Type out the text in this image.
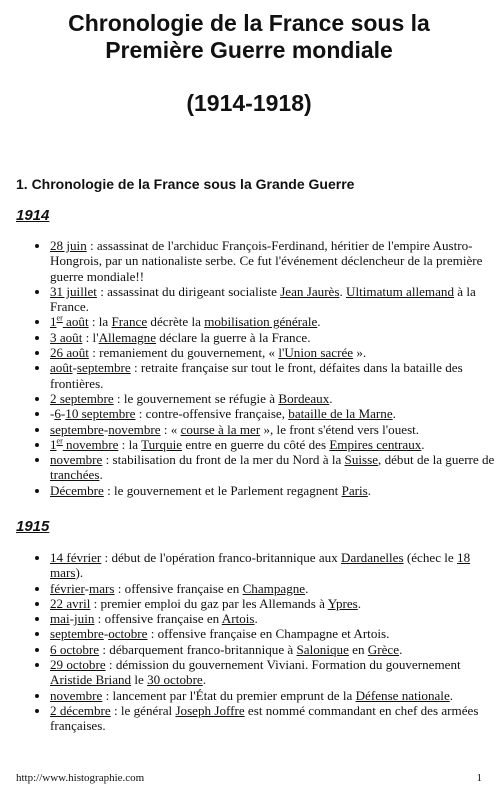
Chronologie de la France sous la
Première Guerre mondiale
(1914-1918)
1. Chronologie de la France sous la Grande Guerre
1914
• 28 juin : assassinat de l'archiduc François-Ferdinand, héritier de l'empire Austro-Hongrois, par un nationaliste serbe. Ce fut l'événement déclencheur de la première guerre mondiale!!
• 31 juillet : assassinat du dirigeant socialiste Jean Jaurès. Ultimatum allemand à la France.
• 1er août : la France décrète la mobilisation générale.
• 3 août : l'Allemagne déclare la guerre à la France.
• 26 août : remaniement du gouvernement, « l'Union sacrée ».
• août-septembre : retraite française sur tout le front, défaites dans la bataille des frontières.
• 2 septembre : le gouvernement se réfugie à Bordeaux.
• -6-10 septembre : contre-offensive française, bataille de la Marne.
• septembre-novembre : « course à la mer », le front s'étend vers l'ouest.
• 1er novembre : la Turquie entre en guerre du côté des Empires centraux.
• novembre : stabilisation du front de la mer du Nord à la Suisse, début de la guerre de tranchées.
• Décembre : le gouvernement et le Parlement regagnent Paris.
1915
• 14 février : début de l'opération franco-britannique aux Dardanelles (échec le 18 mars).
• février-mars : offensive française en Champagne.
• 22 avril : premier emploi du gaz par les Allemands à Ypres.
• mai-juin : offensive française en Artois.
• septembre-octobre : offensive française en Champagne et Artois.
• 6 octobre : débarquement franco-britannique à Salonique en Grèce.
• 29 octobre : démission du gouvernement Viviani. Formation du gouvernement Aristide Briand le 30 octobre.
• novembre : lancement par l'État du premier emprunt de la Défense nationale.
• 2 décembre : le général Joseph Joffre est nommé commandant en chef des armées françaises.
http://www.histographie.com	1
